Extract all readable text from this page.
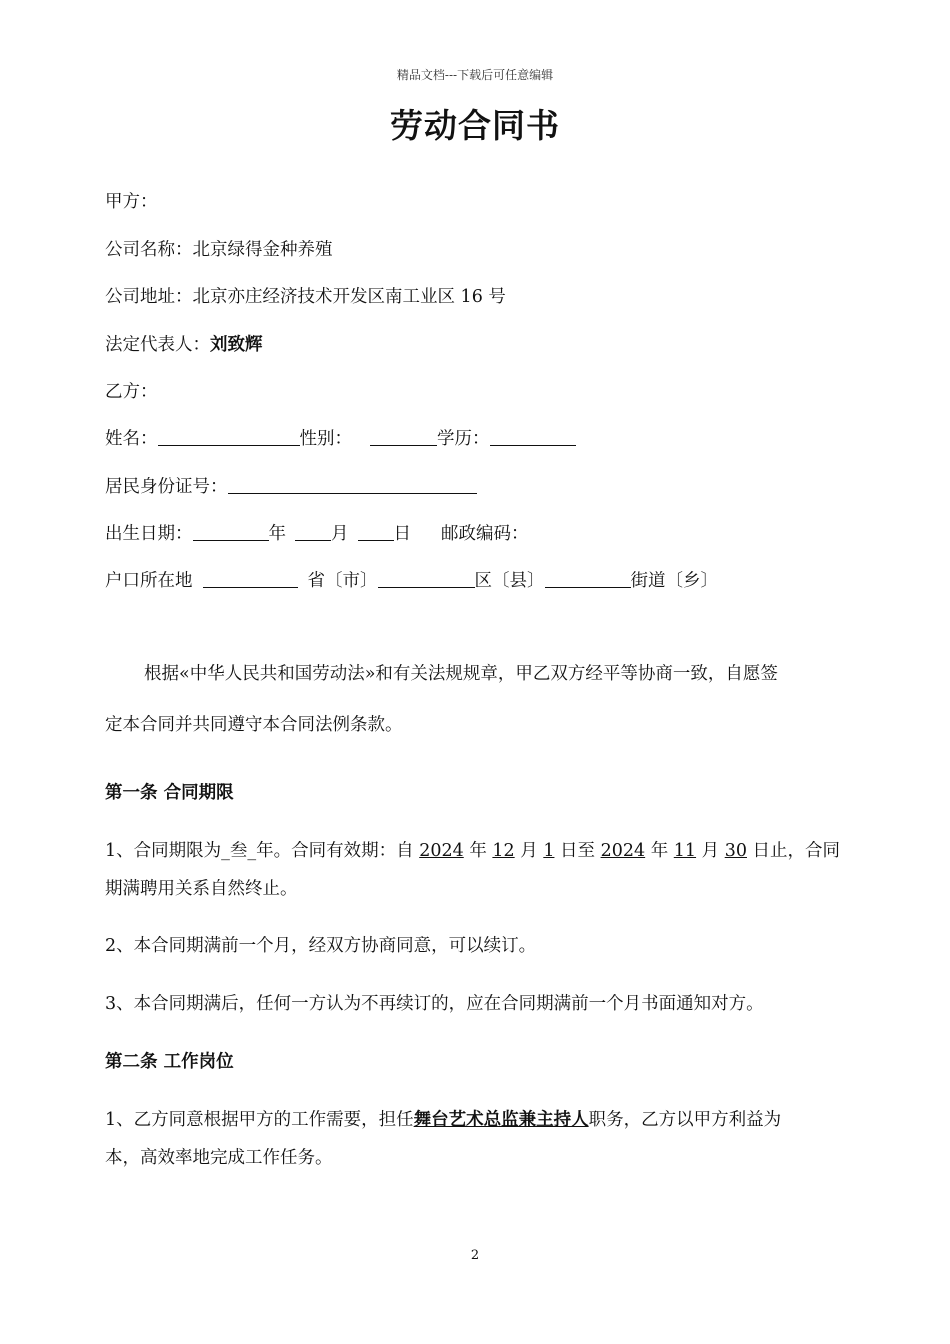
精品文档---下载后可任意编辑
劳动合同书
甲方：
公司名称：北京绿得金种养殖
公司地址：北京亦庄经济技术开发区南工业区 16 号
法定代表人：刘致辉
乙方：
姓名：	性别：	学历：
居民身份证号：
出生日期：	年	月	日 邮政编码：
户口所在地	省〔市〕	区〔县〕	街道〔乡〕
根据«中华人民共和国劳动法»和有关法规规章，甲乙双方经平等协商一致，自愿签
定本合同并共同遵守本合同法例条款。
第一条 合同期限
1、合同期限为_叁_年。合同有效期：自 2024 年 12 月 1 日至 2024 年 11 月 30 日止，合同
期满聘用关系自然终止。
2、本合同期满前一个月，经双方协商同意，可以续订。
3、本合同期满后，任何一方认为不再续订的，应在合同期满前一个月书面通知对方。
第二条 工作岗位
1、乙方同意根据甲方的工作需要，担任舞台艺术总监兼主持人职务，乙方以甲方利益为
本，高效率地完成工作任务。
2
